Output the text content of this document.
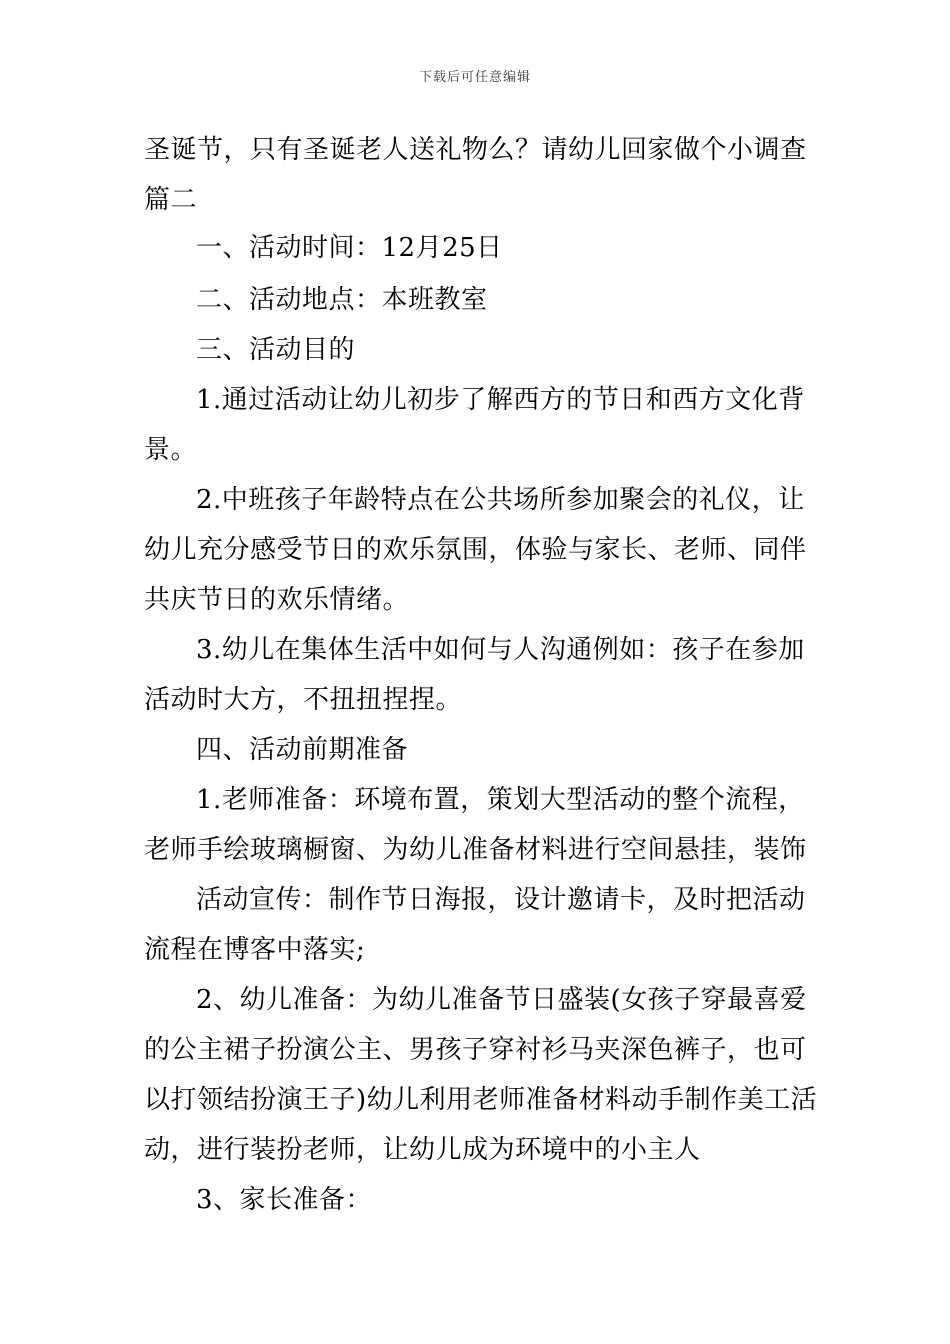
下载后可任意编辑
圣诞节，只有圣诞老人送礼物么？请幼儿回家做个小调查
篇二
一、活动时间：12月25日
二、活动地点：本班教室
三、活动目的
1.通过活动让幼儿初步了解西方的节日和西方文化背
景。
2.中班孩子年龄特点在公共场所参加聚会的礼仪，让
幼儿充分感受节日的欢乐氛围，体验与家长、老师、同伴
共庆节日的欢乐情绪。
3.幼儿在集体生活中如何与人沟通例如：孩子在参加
活动时大方，不扭扭捏捏。
四、活动前期准备
1.老师准备：环境布置，策划大型活动的整个流程，
老师手绘玻璃橱窗、为幼儿准备材料进行空间悬挂，装饰
活动宣传：制作节日海报，设计邀请卡，及时把活动
流程在博客中落实;
2、幼儿准备：为幼儿准备节日盛装(女孩子穿最喜爱
的公主裙子扮演公主、男孩子穿衬衫马夹深色裤子，也可
以打领结扮演王子)幼儿利用老师准备材料动手制作美工活
动，进行装扮老师，让幼儿成为环境中的小主人
3、家长准备：
